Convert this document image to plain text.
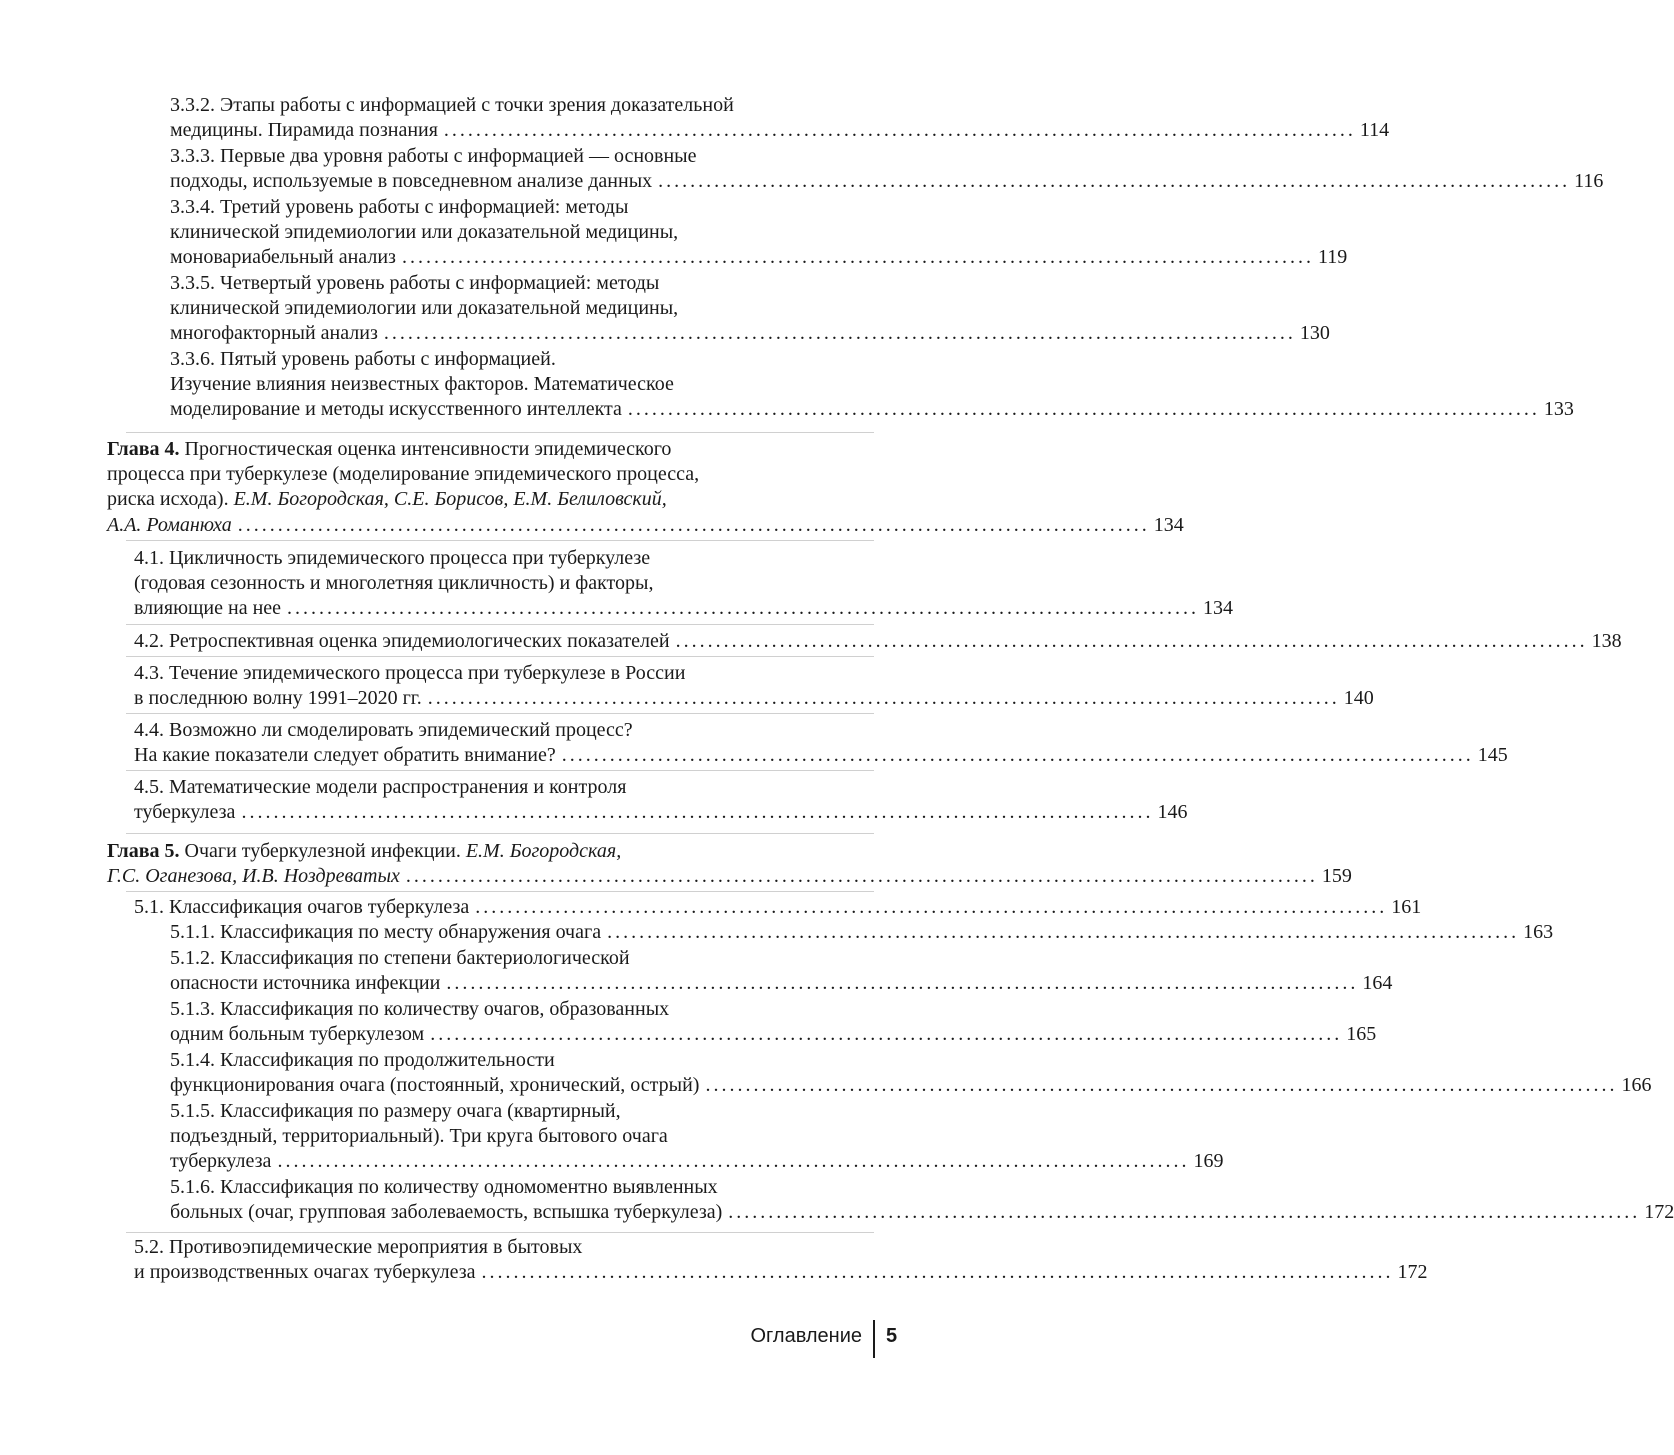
3.3.2. Этапы работы с информацией с точки зрения доказательной
медицины. Пирамида познания .................................................................................................................. 114
3.3.3. Первые два уровня работы с информацией — основные
подходы, используемые в повседневном анализе данных .................................................................................................................. 116
3.3.4. Третий уровень работы с информацией: методы
клинической эпидемиологии или доказательной медицины,
моновариабельный анализ .................................................................................................................. 119
3.3.5. Четвертый уровень работы с информацией: методы
клинической эпидемиологии или доказательной медицины,
многофакторный анализ .................................................................................................................. 130
3.3.6. Пятый уровень работы с информацией.
Изучение влияния неизвестных факторов. Математическое
моделирование и методы искусственного интеллекта .................................................................................................................. 133
Глава 4. Прогностическая оценка интенсивности эпидемического
процесса при туберкулезе (моделирование эпидемического процесса,
риска исхода). Е.М. Богородская, С.Е. Борисов, Е.М. Белиловский,
А.А. Романюха .................................................................................................................. 134
4.1. Цикличность эпидемического процесса при туберкулезе
(годовая сезонность и многолетняя цикличность) и факторы,
влияющие на нее .................................................................................................................. 134
4.2. Ретроспективная оценка эпидемиологических показателей .................................................................................................................. 138
4.3. Течение эпидемического процесса при туберкулезе в России
в последнюю волну 1991–2020 гг. .................................................................................................................. 140
4.4. Возможно ли смоделировать эпидемический процесс?
На какие показатели следует обратить внимание? .................................................................................................................. 145
4.5. Математические модели распространения и контроля
туберкулеза .................................................................................................................. 146
Глава 5. Очаги туберкулезной инфекции. Е.М. Богородская,
Г.С. Оганезова, И.В. Ноздреватых .................................................................................................................. 159
5.1. Классификация очагов туберкулеза .................................................................................................................. 161
5.1.1. Классификация по месту обнаружения очага .................................................................................................................. 163
5.1.2. Классификация по степени бактериологической
опасности источника инфекции .................................................................................................................. 164
5.1.3. Классификация по количеству очагов, образованных
одним больным туберкулезом .................................................................................................................. 165
5.1.4. Классификация по продолжительности
функционирования очага (постоянный, хронический, острый) .................................................................................................................. 166
5.1.5. Классификация по размеру очага (квартирный,
подъездный, территориальный). Три круга бытового очага
туберкулеза .................................................................................................................. 169
5.1.6. Классификация по количеству одномоментно выявленных
больных (очаг, групповая заболеваемость, вспышка туберкулеза) .................................................................................................................. 172
5.2. Противоэпидемические мероприятия в бытовых
и производственных очагах туберкулеза .................................................................................................................. 172
Оглавление 5
